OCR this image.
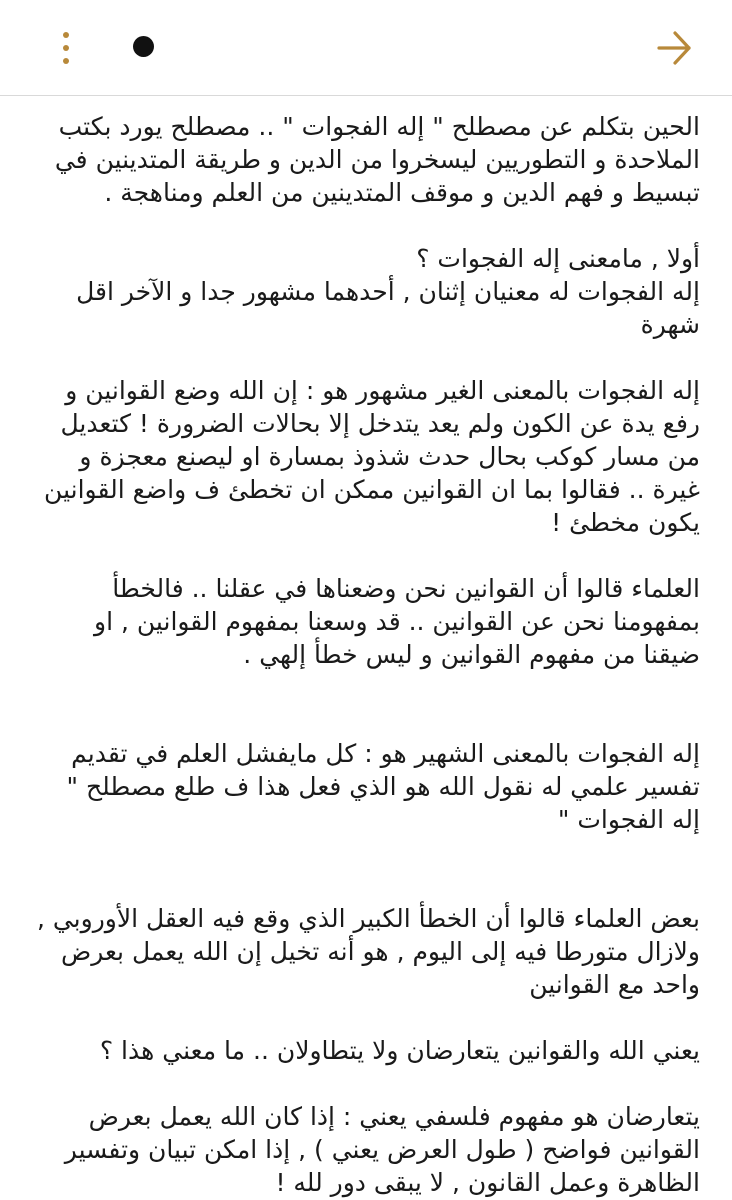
الحين بتكلم عن مصطلح " إله الفجوات " .. مصطلح يورد بكتب الملاحدة و التطوريين ليسخروا من الدين و طريقة المتدينين في تبسيط و فهم الدين و موقف المتدينين من العلم ومناهجة .

أولا , مامعنى إله الفجوات ؟
إله الفجوات له معنيان إثنان , أحدهما مشهور جدا و الآخر اقل شهرة

إله الفجوات بالمعنى الغير مشهور هو : إن الله وضع القوانين و رفع يدة عن الكون ولم يعد يتدخل إلا بحالات الضرورة ! كتعديل من مسار كوكب بحال حدث شذوذ بمسارة او ليصنع معجزة و غيرة .. فقالوا بما ان القوانين ممكن ان تخطئ ف واضع القوانين يكون مخطئ !

العلماء قالوا أن القوانين نحن وضعناها في عقلنا .. فالخطأ بمفهومنا نحن عن القوانين .. قد وسعنا بمفهوم القوانين , او ضيقنا من مفهوم القوانين و ليس خطأ إلهي .

إله الفجوات بالمعنى الشهير هو : كل مايفشل العلم في تقديم تفسير علمي له نقول الله هو الذي فعل هذا ف طلع مصطلح " إله الفجوات "

بعض العلماء قالوا أن الخطأ الكبير الذي وقع فيه العقل الأوروبي , ولازال متورطا فيه إلى اليوم , هو أنه تخيل إن الله يعمل بعرض واحد مع القوانين

يعني الله والقوانين يتعارضان ولا يتطاولان .. ما معني هذا ؟

يتعارضان هو مفهوم فلسفي يعني : إذا كان الله يعمل بعرض القوانين فواضح ( طول العرض يعني ) , إذا امكن تبيان وتفسير الظاهرة وعمل القانون , لا يبقى دور لله !
